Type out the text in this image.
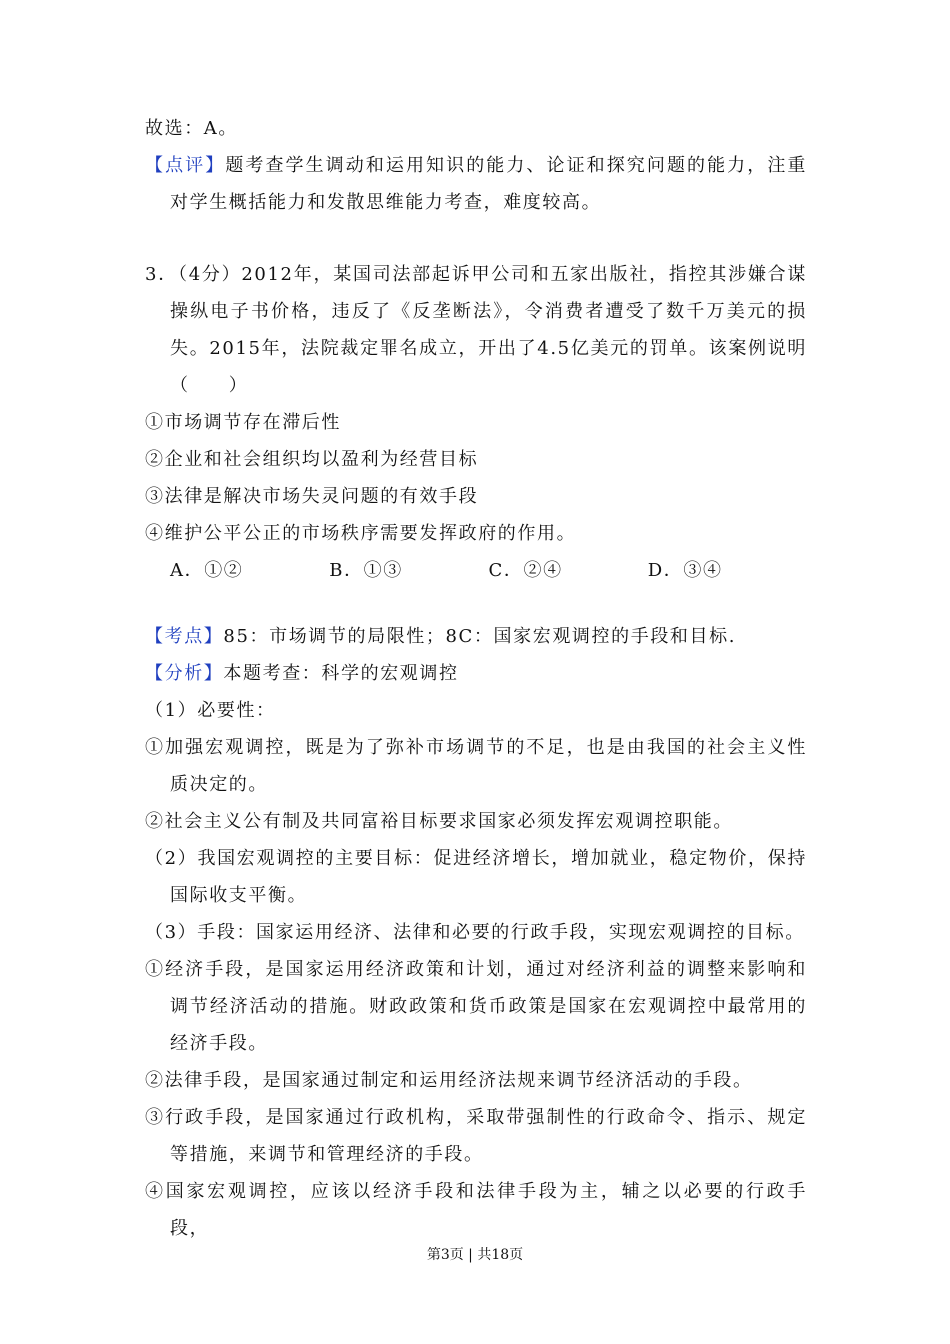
故选：A。

【点评】题考查学生调动和运用知识的能力、论证和探究问题的能力，注重对学生概括能力和发散思维能力考查，难度较高。

3．（4分）2012年，某国司法部起诉甲公司和五家出版社，指控其涉嫌合谋操纵电子书价格，违反了《反垄断法》，令消费者遭受了数千万美元的损失。2015年，法院裁定罪名成立，开出了4.5亿美元的罚单。该案例说明（　　）

①市场调节存在滞后性

②企业和社会组织均以盈利为经营目标

③法律是解决市场失灵问题的有效手段

④维护公平公正的市场秩序需要发挥政府的作用。

A．①②	B．①③	C．②④	D．③④

【考点】85：市场调节的局限性；8C：国家宏观调控的手段和目标.

【分析】本题考查：科学的宏观调控

（1）必要性：

①加强宏观调控，既是为了弥补市场调节的不足，也是由我国的社会主义性质决定的。

②社会主义公有制及共同富裕目标要求国家必须发挥宏观调控职能。

（2）我国宏观调控的主要目标：促进经济增长，增加就业，稳定物价，保持国际收支平衡。

（3）手段：国家运用经济、法律和必要的行政手段，实现宏观调控的目标。

①经济手段，是国家运用经济政策和计划，通过对经济利益的调整来影响和调节经济活动的措施。财政政策和货币政策是国家在宏观调控中最常用的经济手段。

②法律手段，是国家通过制定和运用经济法规来调节经济活动的手段。

③行政手段，是国家通过行政机构，采取带强制性的行政命令、指示、规定等措施，来调节和管理经济的手段。

④国家宏观调控，应该以经济手段和法律手段为主，辅之以必要的行政手段，

第3页 | 共18页
